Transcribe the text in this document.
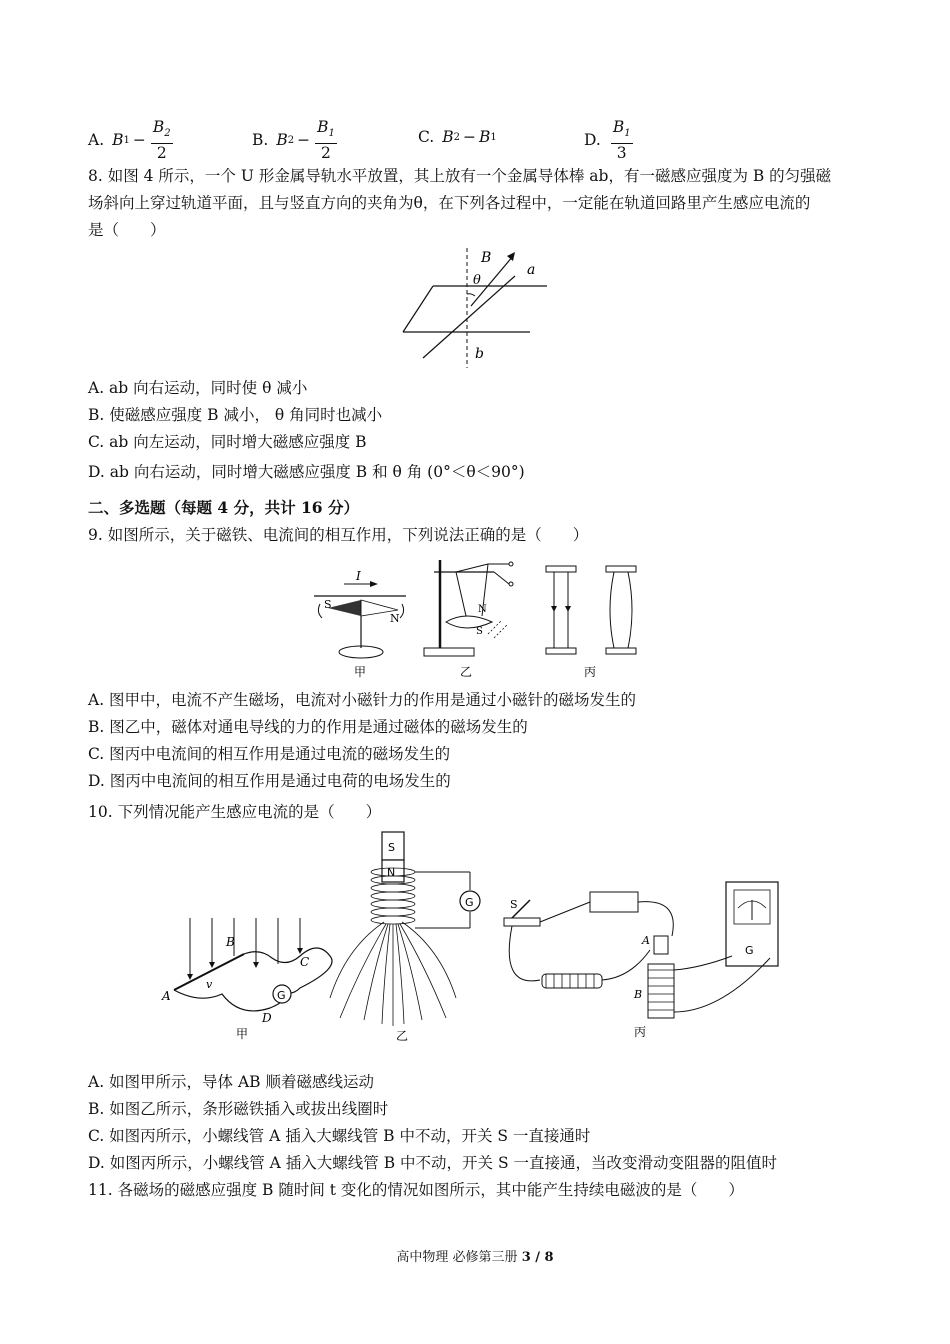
A. B $1 - \frac{B_2}{2}$	B. B $2 - \frac{B_1}{2}$	C. B 2 − B 1	D. $\frac{B_1}{3}$
8. 如图 4 所示，一个 U 形金属导轨水平放置，其上放有一个金属导体棒 ab，有一磁感应强度为 B 的匀强磁
场斜向上穿过轨道平面，且与竖直方向的夹角为θ，在下列各过程中，一定能在轨道回路里产生感应电流的
是（　　）
B
θ
a
b
A. ab 向右运动，同时使 θ 减小
B. 使磁感应强度 B 减小， θ 角同时也减小
C. ab 向左运动，同时增大磁感应强度 B
D. ab 向右运动，同时增大磁感应强度 B 和 θ 角 (0°＜θ＜90°)
二、多选题（每题 4 分，共计 16 分）
9. 如图所示，关于磁铁、电流间的相互作用，下列说法正确的是（　　）
I
S
N
甲
N
S
乙	丙
A. 图甲中，电流不产生磁场，电流对小磁针力的作用是通过小磁针的磁场发生的
B. 图乙中，磁体对通电导线的力的作用是通过磁体的磁场发生的
C. 图丙中电流间的相互作用是通过电流的磁场发生的
D. 图丙中电流间的相互作用是通过电荷的电场发生的
10. 下列情况能产生感应电流的是（　　）
G
A
B
C
D
v
甲
S
N
G
乙
S
A
B
G
丙
A. 如图甲所示，导体 AB 顺着磁感线运动
B. 如图乙所示，条形磁铁插入或拔出线圈时
C. 如图丙所示，小螺线管 A 插入大螺线管 B 中不动，开关 S 一直接通时
D. 如图丙所示，小螺线管 A 插入大螺线管 B 中不动，开关 S 一直接通，当改变滑动变阻器的阻值时
11. 各磁场的磁感应强度 B 随时间 t 变化的情况如图所示，其中能产生持续电磁波的是（　　）
高中物理 必修第三册 3 / 8
